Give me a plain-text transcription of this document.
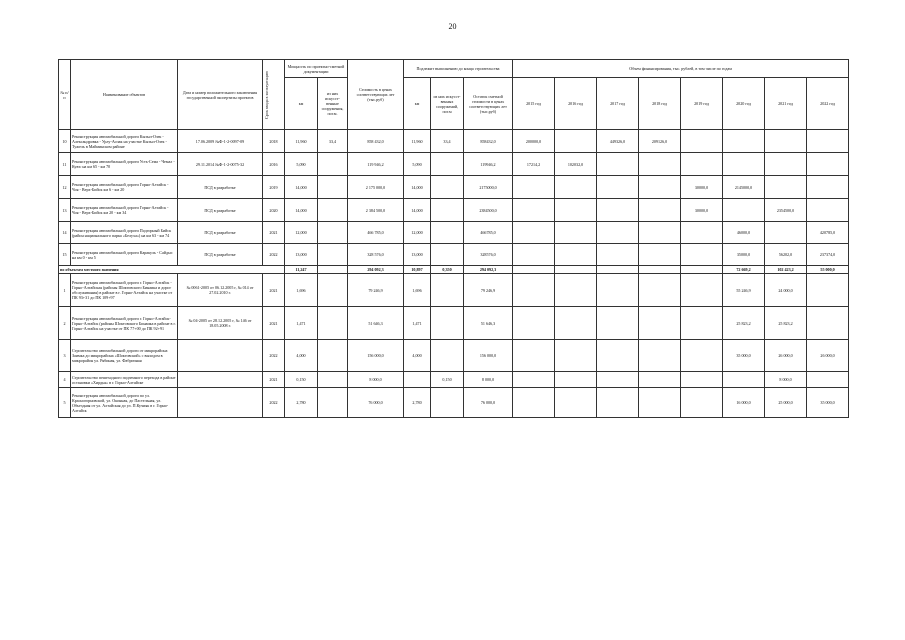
20
№ п/п	Наименование объектов	Дата и номер положительного заключения государственной экспертизы проектов	Срок ввода в эксплуатацию	Мощность по проектно-сметной документации		Стоимость в ценах соответствующих лет (тыс.руб)	Подлежит выполнению до конца строительства			Объем финансирования, тыс. рублей, в том числе по годам							
				км	из них искусст-венные сооружения, пог.м.		км	из них искусст-венных сооружений, пог.м	Остаток сметной стоимости в ценах соответствующих лет (тыс.руб)	2015 год	2016 год	2017 год	2018 год	2019 год	2020 год	2021 год	2022 год
10	Реконструкция автомобильной дороги Кызыл-Озек - Александровка - Урлу-Аспак на участке Кызыл-Озек - Тужель в Майминском районе	17.06.2009 №Ф-1-2-0097-09	2018	11,960	33,4	858 432,0	11,960	33,4	858432,0	200000,0		449326,0	209126,0				
11	Реконструкция автомобильной дороги Усть-Сема - Чемал - Куюс на км 65 - км 70	29.11.2014 №Ф-1-2-0075-32	2016	5,090		119 946,2	5,090		119946,2	17214,2	102032,0						
12	Реконструкция автомобильной дороги Горно-Алтайск - Чоя - Верх-Бийск км 6 - км 20	ПСД в разработке	2019	14,000		2 175 000,0	14,000		2175000,0					30000,0	2145000,0		
13	Реконструкция автомобильной дороги Горно-Алтайск - Чоя - Верх-Бийск км 20 - км 34	ПСД в разработке	2020	14,000		2 384 500,0	14,000		2384500,0					30000,0		2354500,0	
14	Реконструкция автомобильной дороги Подгорный Бийск (район национального парка «Белуха») на км 63 - км 74	ПСД в разработке	2021	12,000		466 785,0	12,000		466785,0						46000,0		420785,0
15	Реконструкция автомобильной дороги Каракуль - Сайдыс на км 0 - км 5	ПСД в разработке	2022	13,000		328 576,0	13,000		328576,0						35000,0	56202,0	237374,0
по объектам местного значения				11,247		294 092,3	10,897	0,350	294 092,3						72 669,2	102 423,2	55 000,0
1	Реконструкция автомобильной дороги г. Горно-Алтайск - Горно-Алтайская (районы Шоктовского Бинаика и дорог обслуживания) в районе в г. Горно-Алтайск на участке от ПК 93+31 до ПК 109+97	№ 0061-2005 от 06.12.2005 г, № 014 от 27.02.2010 г.	2021	1,696		79 246,9	1,696		79 246,9						55 246,9	24 000,0	
2	Реконструкция автомобильной дороги г. Горно-Алтайск-Горно-Алтайск (районы Шоктовского Бинаика в районе в г. Горно-Алтайск на участке от ПК 77+00 до ПК 92+91	№ 04-2005 от 28.12.2005 г, № 146 от 18.05.2008 г.	2021	1,471		51 646,3	1,471		51 646,3						25 823,2	25 823,2	
3	Строительство автомобильной дороги от микрорайона Заимка до микрорайона «Шоктовский» с выходом в микрорайон ул. Рябиная, ул. Фабричная		2022	4,000		156 000,0	4,000		156 000,0						35 000,0	26 000,0	26 000,0
4	Строительство пешеходного подземного перехода в районе остановки «Хирдья» в г. Горно-Алтайске		2021	0,150		8 000,0		0,150	8 000,0							8 000,0	
5	Реконструкция автомобильной дороги по ул. Красногорновской, ул. Оконная, до Пастельная, ул. Объездная от ул. Алтайская до ул. П.Кучияк в г. Горно-Алтайск		2022	2,780		76 000,0	2,780		76 000,0						16 000,0	25 000,0	35 000,0
